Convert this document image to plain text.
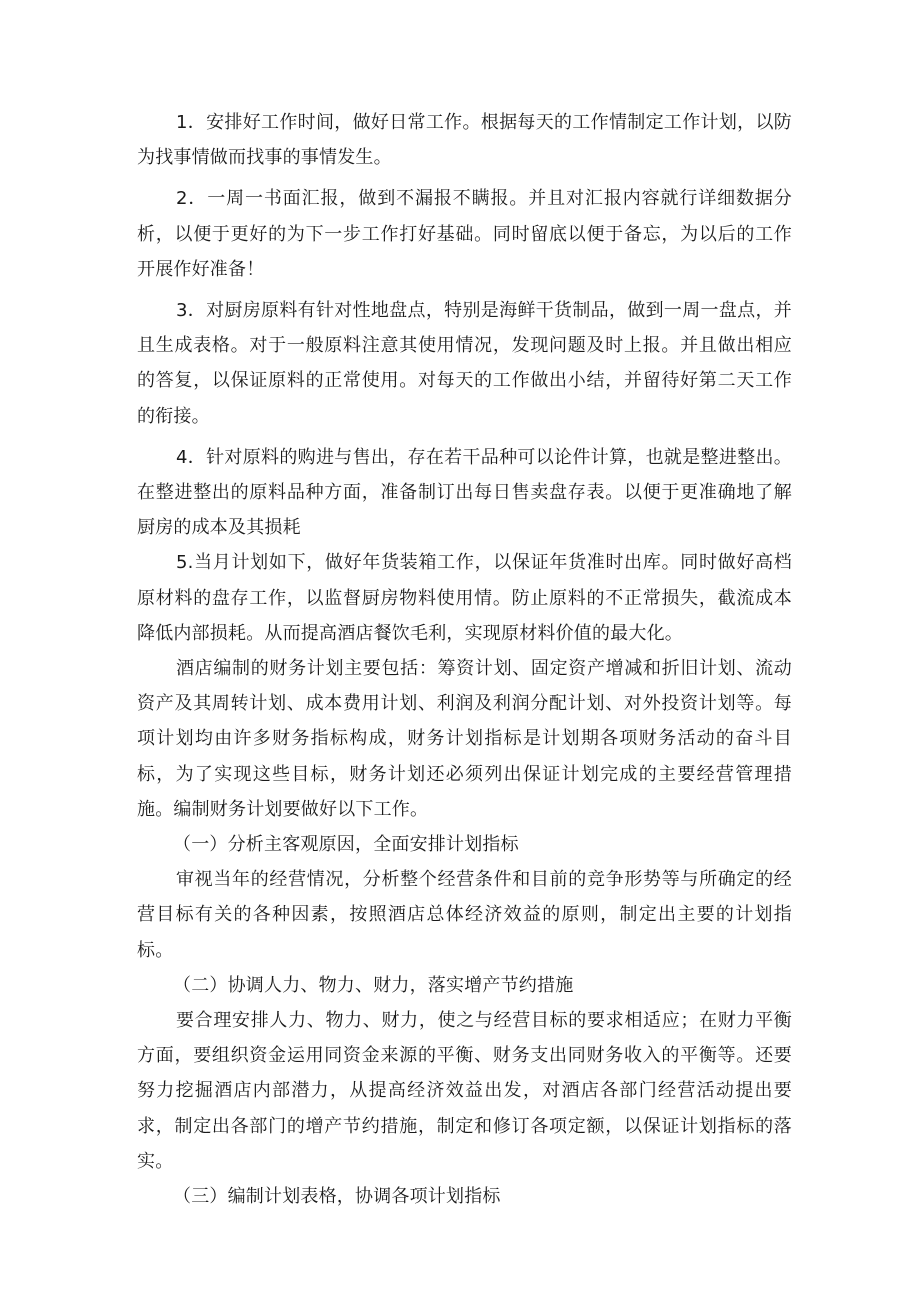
1．安排好工作时间，做好日常工作。根据每天的工作情制定工作计划，以防为找事情做而找事的事情发生。

2．一周一书面汇报，做到不漏报不瞒报。并且对汇报内容就行详细数据分析，以便于更好的为下一步工作打好基础。同时留底以便于备忘，为以后的工作开展作好准备！

3．对厨房原料有针对性地盘点，特别是海鲜干货制品，做到一周一盘点，并且生成表格。对于一般原料注意其使用情况，发现问题及时上报。并且做出相应的答复，以保证原料的正常使用。对每天的工作做出小结，并留待好第二天工作的衔接。

4．针对原料的购进与售出，存在若干品种可以论件计算，也就是整进整出。在整进整出的原料品种方面，准备制订出每日售卖盘存表。以便于更准确地了解厨房的成本及其损耗

5.当月计划如下，做好年货装箱工作，以保证年货准时出库。同时做好高档原材料的盘存工作，以监督厨房物料使用情。防止原料的不正常损失，截流成本降低内部损耗。从而提高酒店餐饮毛利，实现原材料价值的最大化。

酒店编制的财务计划主要包括：筹资计划、固定资产增减和折旧计划、流动资产及其周转计划、成本费用计划、利润及利润分配计划、对外投资计划等。每项计划均由许多财务指标构成，财务计划指标是计划期各项财务活动的奋斗目标，为了实现这些目标，财务计划还必须列出保证计划完成的主要经营管理措施。编制财务计划要做好以下工作。

（一）分析主客观原因，全面安排计划指标

审视当年的经营情况，分析整个经营条件和目前的竞争形势等与所确定的经营目标有关的各种因素，按照酒店总体经济效益的原则，制定出主要的计划指标。

（二）协调人力、物力、财力，落实增产节约措施

要合理安排人力、物力、财力，使之与经营目标的要求相适应；在财力平衡方面，要组织资金运用同资金来源的平衡、财务支出同财务收入的平衡等。还要努力挖掘酒店内部潜力，从提高经济效益出发，对酒店各部门经营活动提出要求，制定出各部门的增产节约措施，制定和修订各项定额，以保证计划指标的落实。

（三）编制计划表格，协调各项计划指标
